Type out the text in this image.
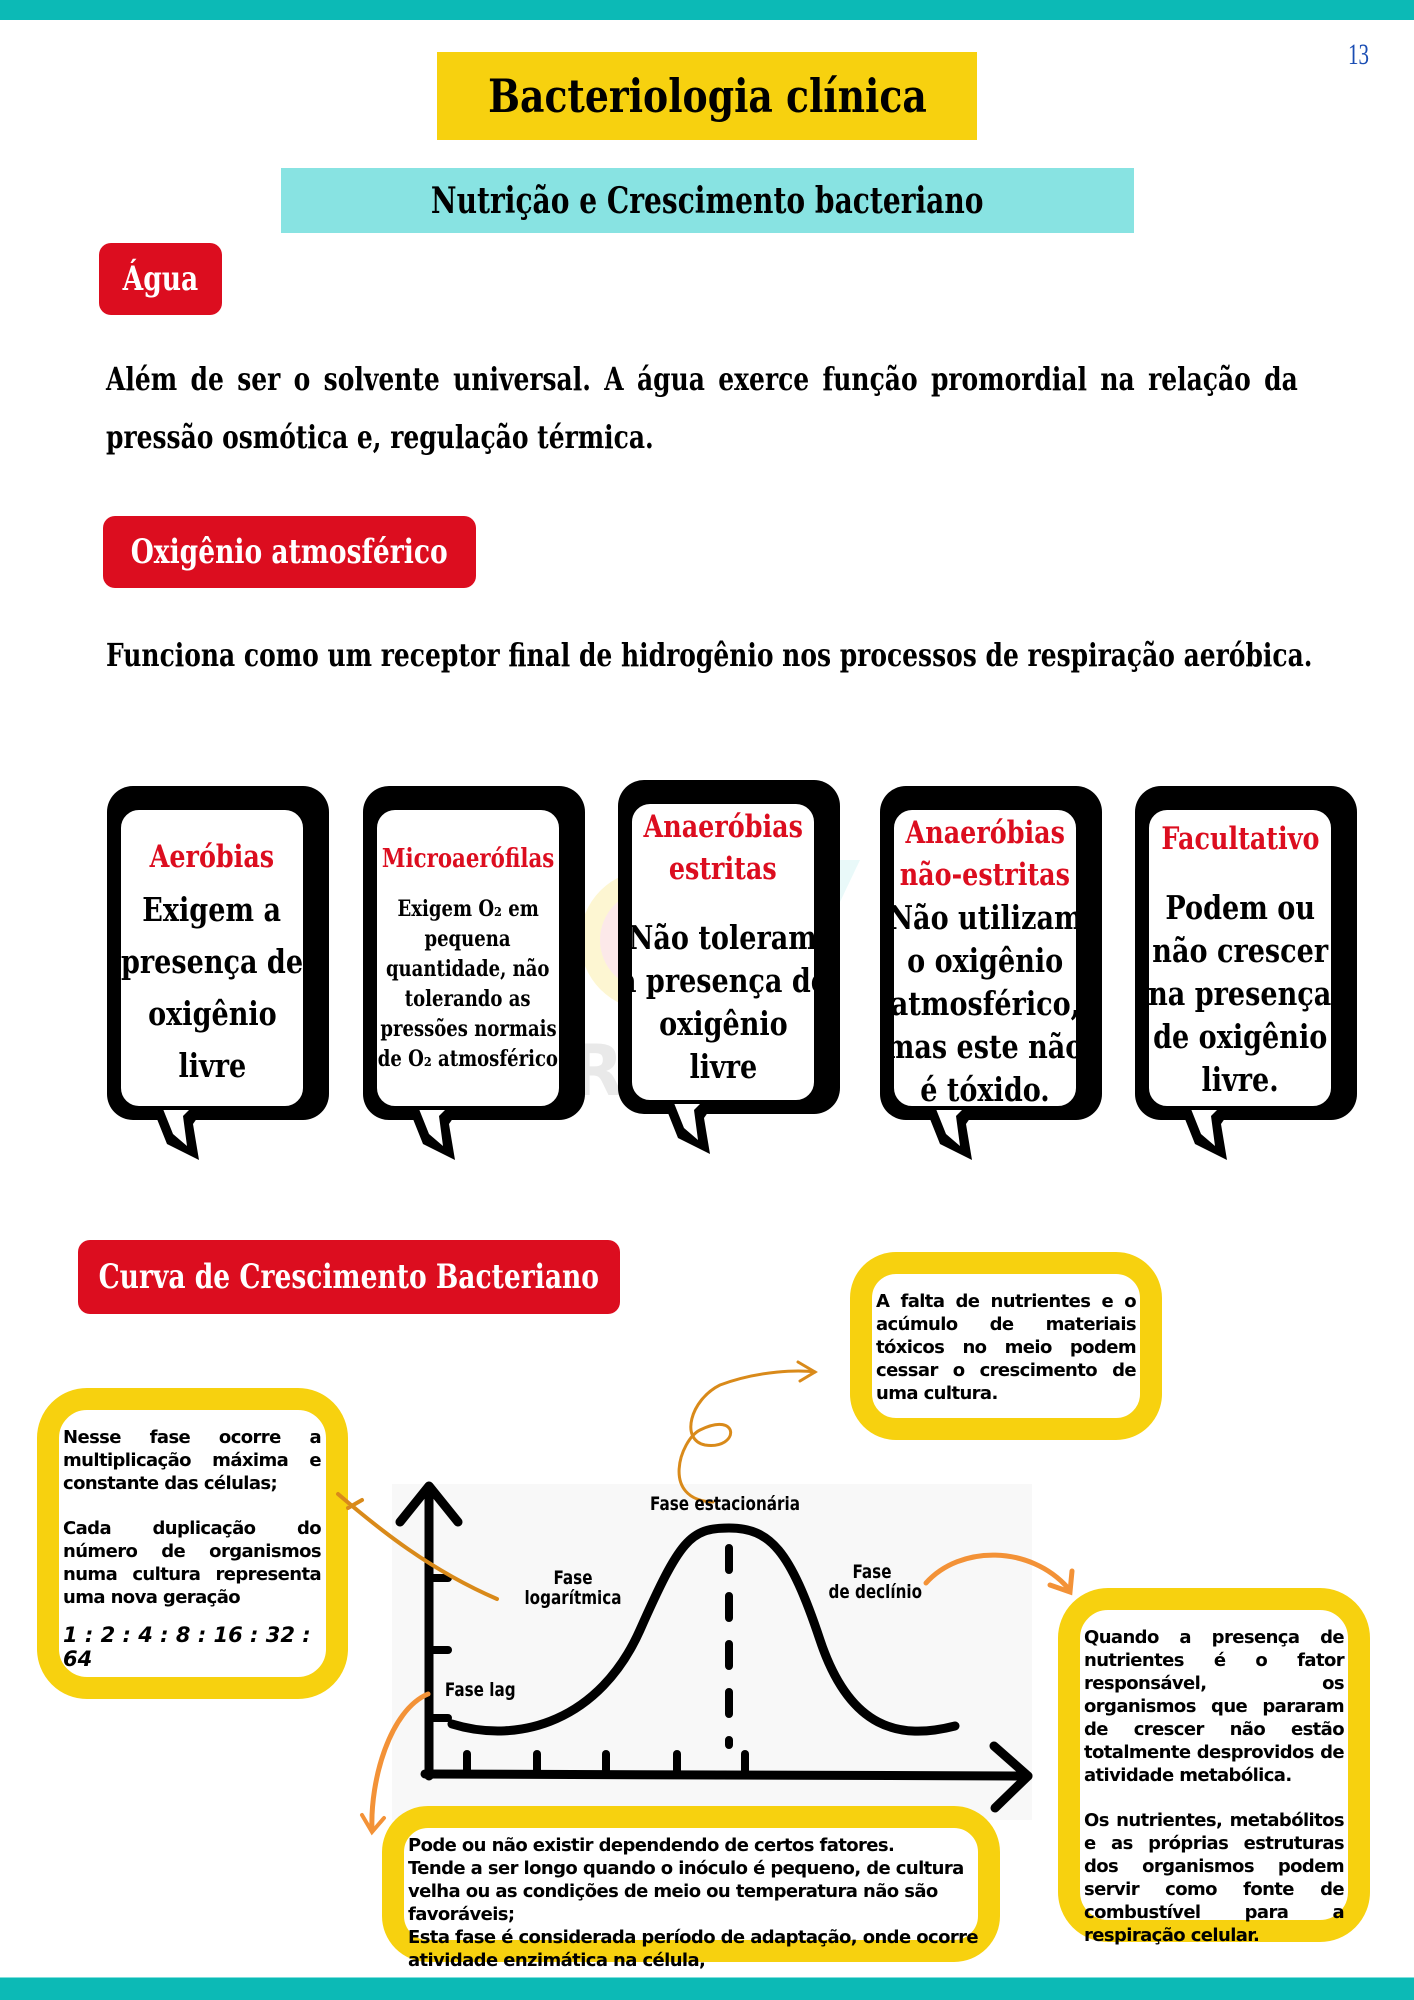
13
Bacteriologia clínica
Nutrição e Crescimento bacteriano
Água
Além de ser o solvente universal. A água exerce função promordial na relação da
pressão osmótica e, regulação térmica.
Oxigênio atmosférico
Funciona como um receptor final de hidrogênio nos processos de respiração aeróbica.
R
Aeróbias
Exigem a
presença de
oxigênio
livre
Microaerófilas
Exigem O₂ em
pequena
quantidade, não
tolerando as
pressões normais
de O₂ atmosférico
Anaeróbias
estritas
Não toleram
a presença de
oxigênio
livre
Anaeróbias
não-estritas
Não utilizam
o oxigênio
atmosférico,
mas este não
é tóxido.
Facultativo
Podem ou
não crescer
na presença
de oxigênio
livre.
Curva de Crescimento Bacteriano

Nesse fase ocorre a multiplicação máxima e constante das células;

Cada duplicação do número de organismos numa cultura representa uma nova geração

1 : 2 : 4 : 8 : 16 : 32 : 64

A falta de nutrientes e o acúmulo de materiais tóxicos no meio podem cessar o crescimento de uma cultura.

Quando a presença de nutrientes é o fator responsável, os organismos que pararam de crescer não estão totalmente desprovidos de atividade metabólica.

Os nutrientes, metabólitos e as próprias estruturas dos organismos podem servir como fonte de combustível para a respiração celular.

Pode ou não existir dependendo de certos fatores.

Tende a ser longo quando o inóculo é pequeno, de cultura velha ou as condições de meio ou temperatura não são favoráveis;

Esta fase é considerada período de adaptação, onde ocorre atividade enzimática na célula,

Fase lag
Fase
logarítmica
Fase estacionária
Fase
de declínio
